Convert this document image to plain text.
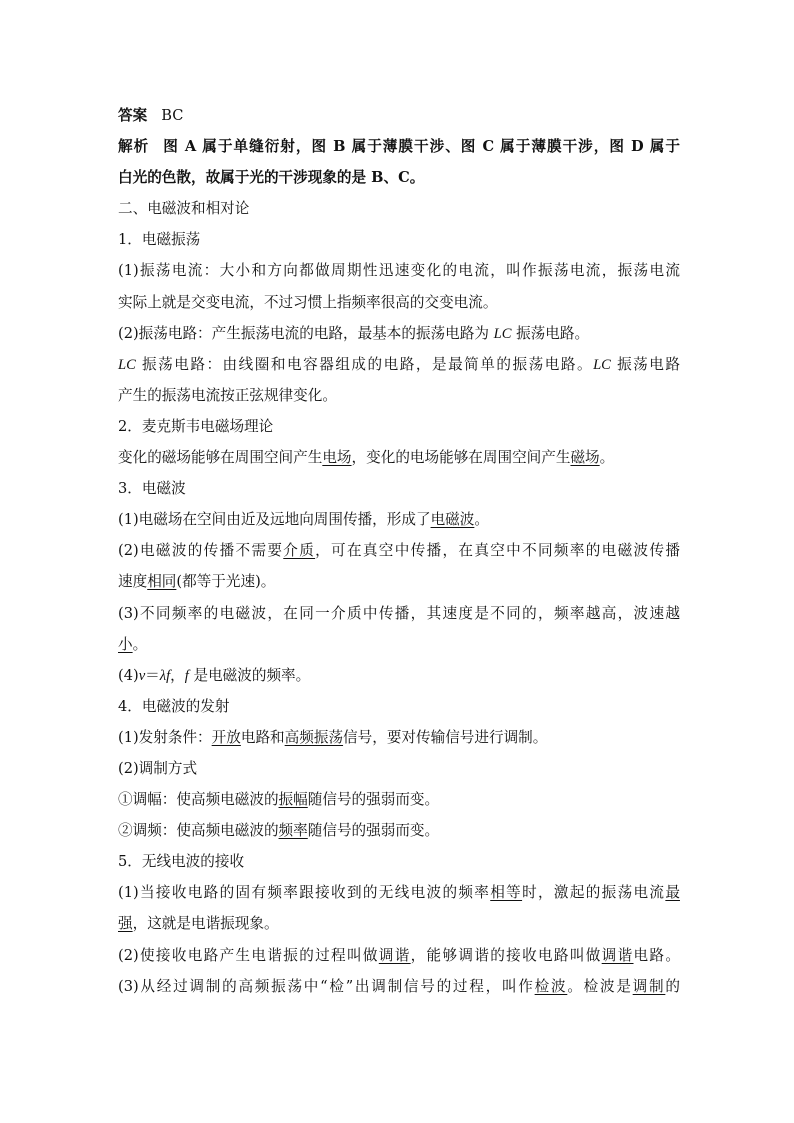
答案 BC
解析 图 A 属于单缝衍射，图 B 属于薄膜干涉、图 C 属于薄膜干涉，图 D 属于
白光的色散，故属于光的干涉现象的是 B、C。
二、电磁波和相对论
1．电磁振荡
(1)振荡电流：大小和方向都做周期性迅速变化的电流，叫作振荡电流，振荡电流
实际上就是交变电流，不过习惯上指频率很高的交变电流。
(2)振荡电路：产生振荡电流的电路，最基本的振荡电路为 LC 振荡电路。
LC 振荡电路：由线圈和电容器组成的电路，是最简单的振荡电路。LC 振荡电路
产生的振荡电流按正弦规律变化。
2．麦克斯韦电磁场理论
变化的磁场能够在周围空间产生电场，变化的电场能够在周围空间产生磁场。
3．电磁波
(1)电磁场在空间由近及远地向周围传播，形成了电磁波。
(2)电磁波的传播不需要介质，可在真空中传播，在真空中不同频率的电磁波传播
速度相同(都等于光速)。
(3)不同频率的电磁波，在同一介质中传播，其速度是不同的，频率越高，波速越
小。
(4)v＝λf，f 是电磁波的频率。
4．电磁波的发射
(1)发射条件：开放电路和高频振荡信号，要对传输信号进行调制。
(2)调制方式
①调幅：使高频电磁波的振幅随信号的强弱而变。
②调频：使高频电磁波的频率随信号的强弱而变。
5．无线电波的接收
(1)当接收电路的固有频率跟接收到的无线电波的频率相等时，激起的振荡电流最
强，这就是电谐振现象。
(2)使接收电路产生电谐振的过程叫做调谐，能够调谐的接收电路叫做调谐电路。
(3)从经过调制的高频振荡中“检”出调制信号的过程，叫作检波。检波是调制的
